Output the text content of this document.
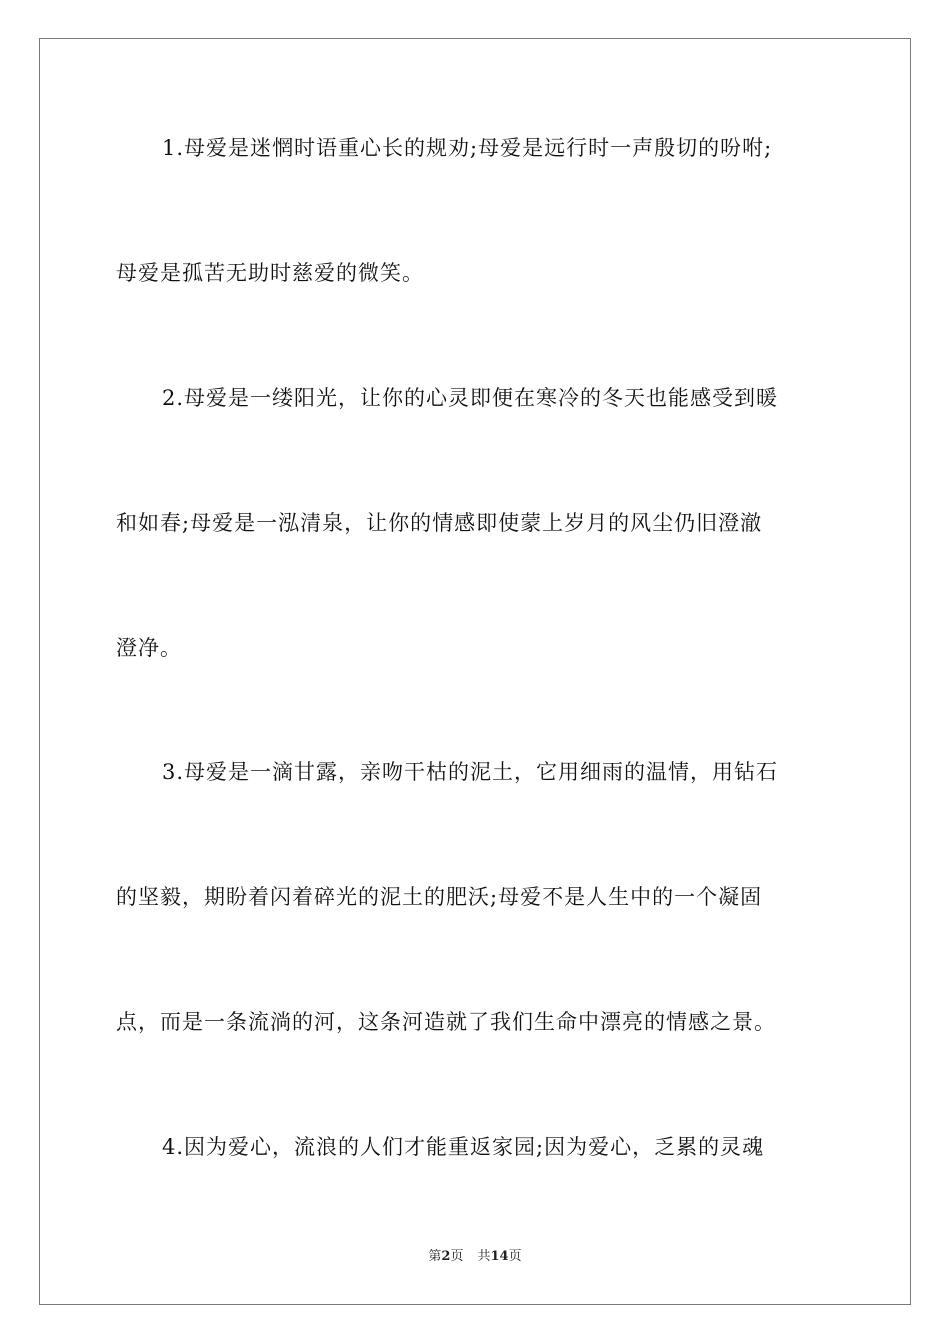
1.母爱是迷惘时语重心长的规劝;母爱是远行时一声殷切的吩咐;
母爱是孤苦无助时慈爱的微笑。
2.母爱是一缕阳光，让你的心灵即便在寒冷的冬天也能感受到暖
和如春;母爱是一泓清泉，让你的情感即使蒙上岁月的风尘仍旧澄澈
澄净。
3.母爱是一滴甘露，亲吻干枯的泥土，它用细雨的温情，用钻石
的坚毅，期盼着闪着碎光的泥土的肥沃;母爱不是人生中的一个凝固
点，而是一条流淌的河，这条河造就了我们生命中漂亮的情感之景。
4.因为爱心，流浪的人们才能重返家园;因为爱心，乏累的灵魂
第2页 共14页
